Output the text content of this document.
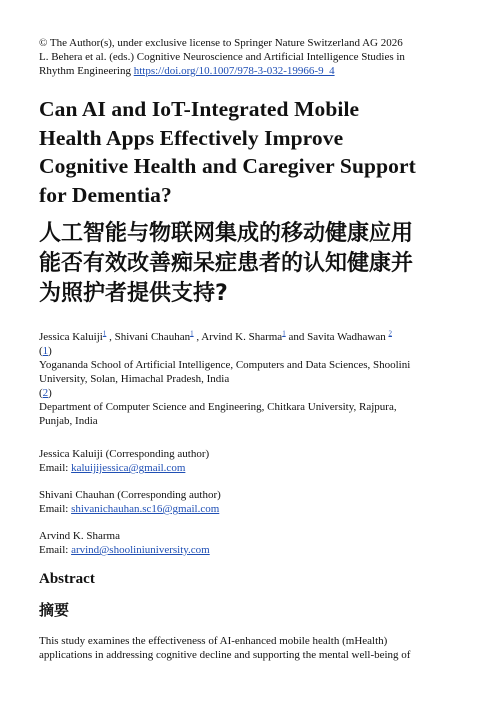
© The Author(s), under exclusive license to Springer Nature Switzerland AG 2026
L. Behera et al. (eds.) Cognitive Neuroscience and Artificial Intelligence Studies in
Rhythm Engineering https://doi.org/10.1007/978-3-032-19966-9_4
Can AI and IoT-Integrated Mobile
Health Apps Effectively Improve
Cognitive Health and Caregiver Support
for Dementia?
人工智能与物联网集成的移动健康应用
能否有效改善痴呆症患者的认知健康并
为照护者提供支持?
Jessica Kaluiji$^1$ , Shivani Chauhan$^1$ , Arvind K. Sharma$^1$ and Savita Wadhawan $^2$
(1)
Yogananda School of Artificial Intelligence, Computers and Data Sciences, Shoolini
University, Solan, Himachal Pradesh, India
(2)
Department of Computer Science and Engineering, Chitkara University, Rajpura,
Punjab, India
Jessica Kaluiji (Corresponding author)
Email: kaluijijessica@gmail.com
Shivani Chauhan (Corresponding author)
Email: shivanichauhan.sc16@gmail.com
Arvind K. Sharma
Email: arvind@shooliniuniversity.com
Abstract
摘要
This study examines the effectiveness of AI-enhanced mobile health (mHealth)
applications in addressing cognitive decline and supporting the mental well-being of
